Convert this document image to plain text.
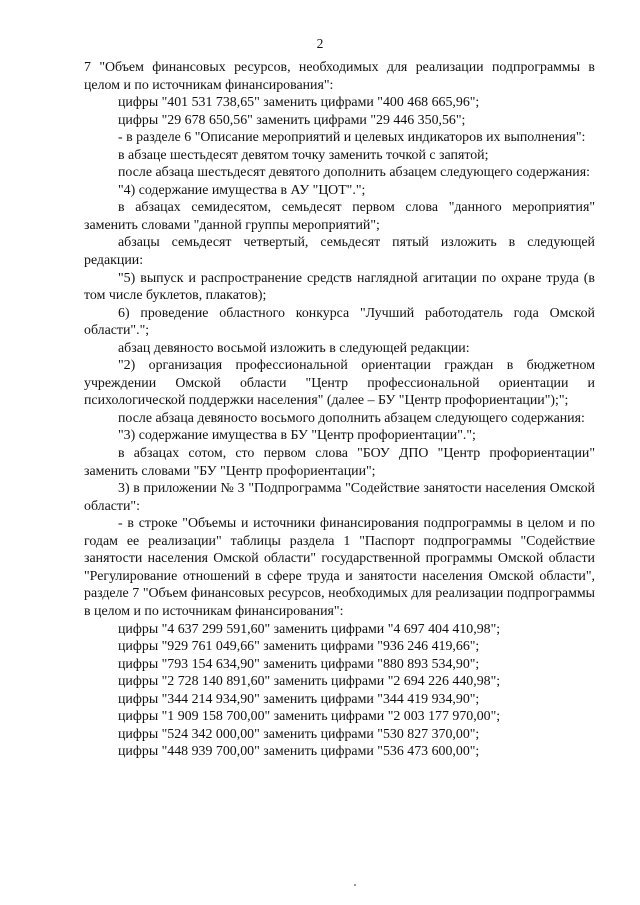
2

7 "Объем финансовых ресурсов, необходимых для реализации подпрограммы в целом и по источникам финансирования":

цифры "401 531 738,65" заменить цифрами "400 468 665,96";

цифры "29 678 650,56" заменить цифрами "29 446 350,56";

- в разделе 6 "Описание мероприятий и целевых индикаторов их выполнения":

в абзаце шестьдесят девятом точку заменить точкой с запятой;

после абзаца шестьдесят девятого дополнить абзацем следующего содержания:

"4) содержание имущества в АУ "ЦОТ".";

в абзацах семидесятом, семьдесят первом слова "данного мероприятия" заменить словами "данной группы мероприятий";

абзацы семьдесят четвертый, семьдесят пятый изложить в следующей редакции:

"5) выпуск и распространение средств наглядной агитации по охране труда (в том числе буклетов, плакатов);

6) проведение областного конкурса "Лучший работодатель года Омской области".";

абзац девяносто восьмой изложить в следующей редакции:

"2) организация профессиональной ориентации граждан в бюджетном учреждении Омской области "Центр профессиональной ориентации и психологической поддержки населения" (далее – БУ "Центр профориентации");";

после абзаца девяносто восьмого дополнить абзацем следующего содержания:

"3) содержание имущества в БУ "Центр профориентации".";

в абзацах сотом, сто первом слова "БОУ ДПО "Центр профориентации" заменить словами "БУ "Центр профориентации";

3) в приложении № 3 "Подпрограмма "Содействие занятости населения Омской области":

- в строке "Объемы и источники финансирования подпрограммы в целом и по годам ее реализации" таблицы раздела 1 "Паспорт подпрограммы "Содействие занятости населения Омской области" государственной программы Омской области "Регулирование отношений в сфере труда и занятости населения Омской области", разделе 7 "Объем финансовых ресурсов, необходимых для реализации подпрограммы в целом и по источникам финансирования":

цифры "4 637 299 591,60" заменить цифрами "4 697 404 410,98";

цифры "929 761 049,66" заменить цифрами "936 246 419,66";

цифры "793 154 634,90" заменить цифрами "880 893 534,90";

цифры "2 728 140 891,60" заменить цифрами "2 694 226 440,98";

цифры "344 214 934,90" заменить цифрами "344 419 934,90";

цифры "1 909 158 700,00" заменить цифрами "2 003 177 970,00";

цифры "524 342 000,00" заменить цифрами "530 827 370,00";

цифры "448 939 700,00" заменить цифрами "536 473 600,00";
